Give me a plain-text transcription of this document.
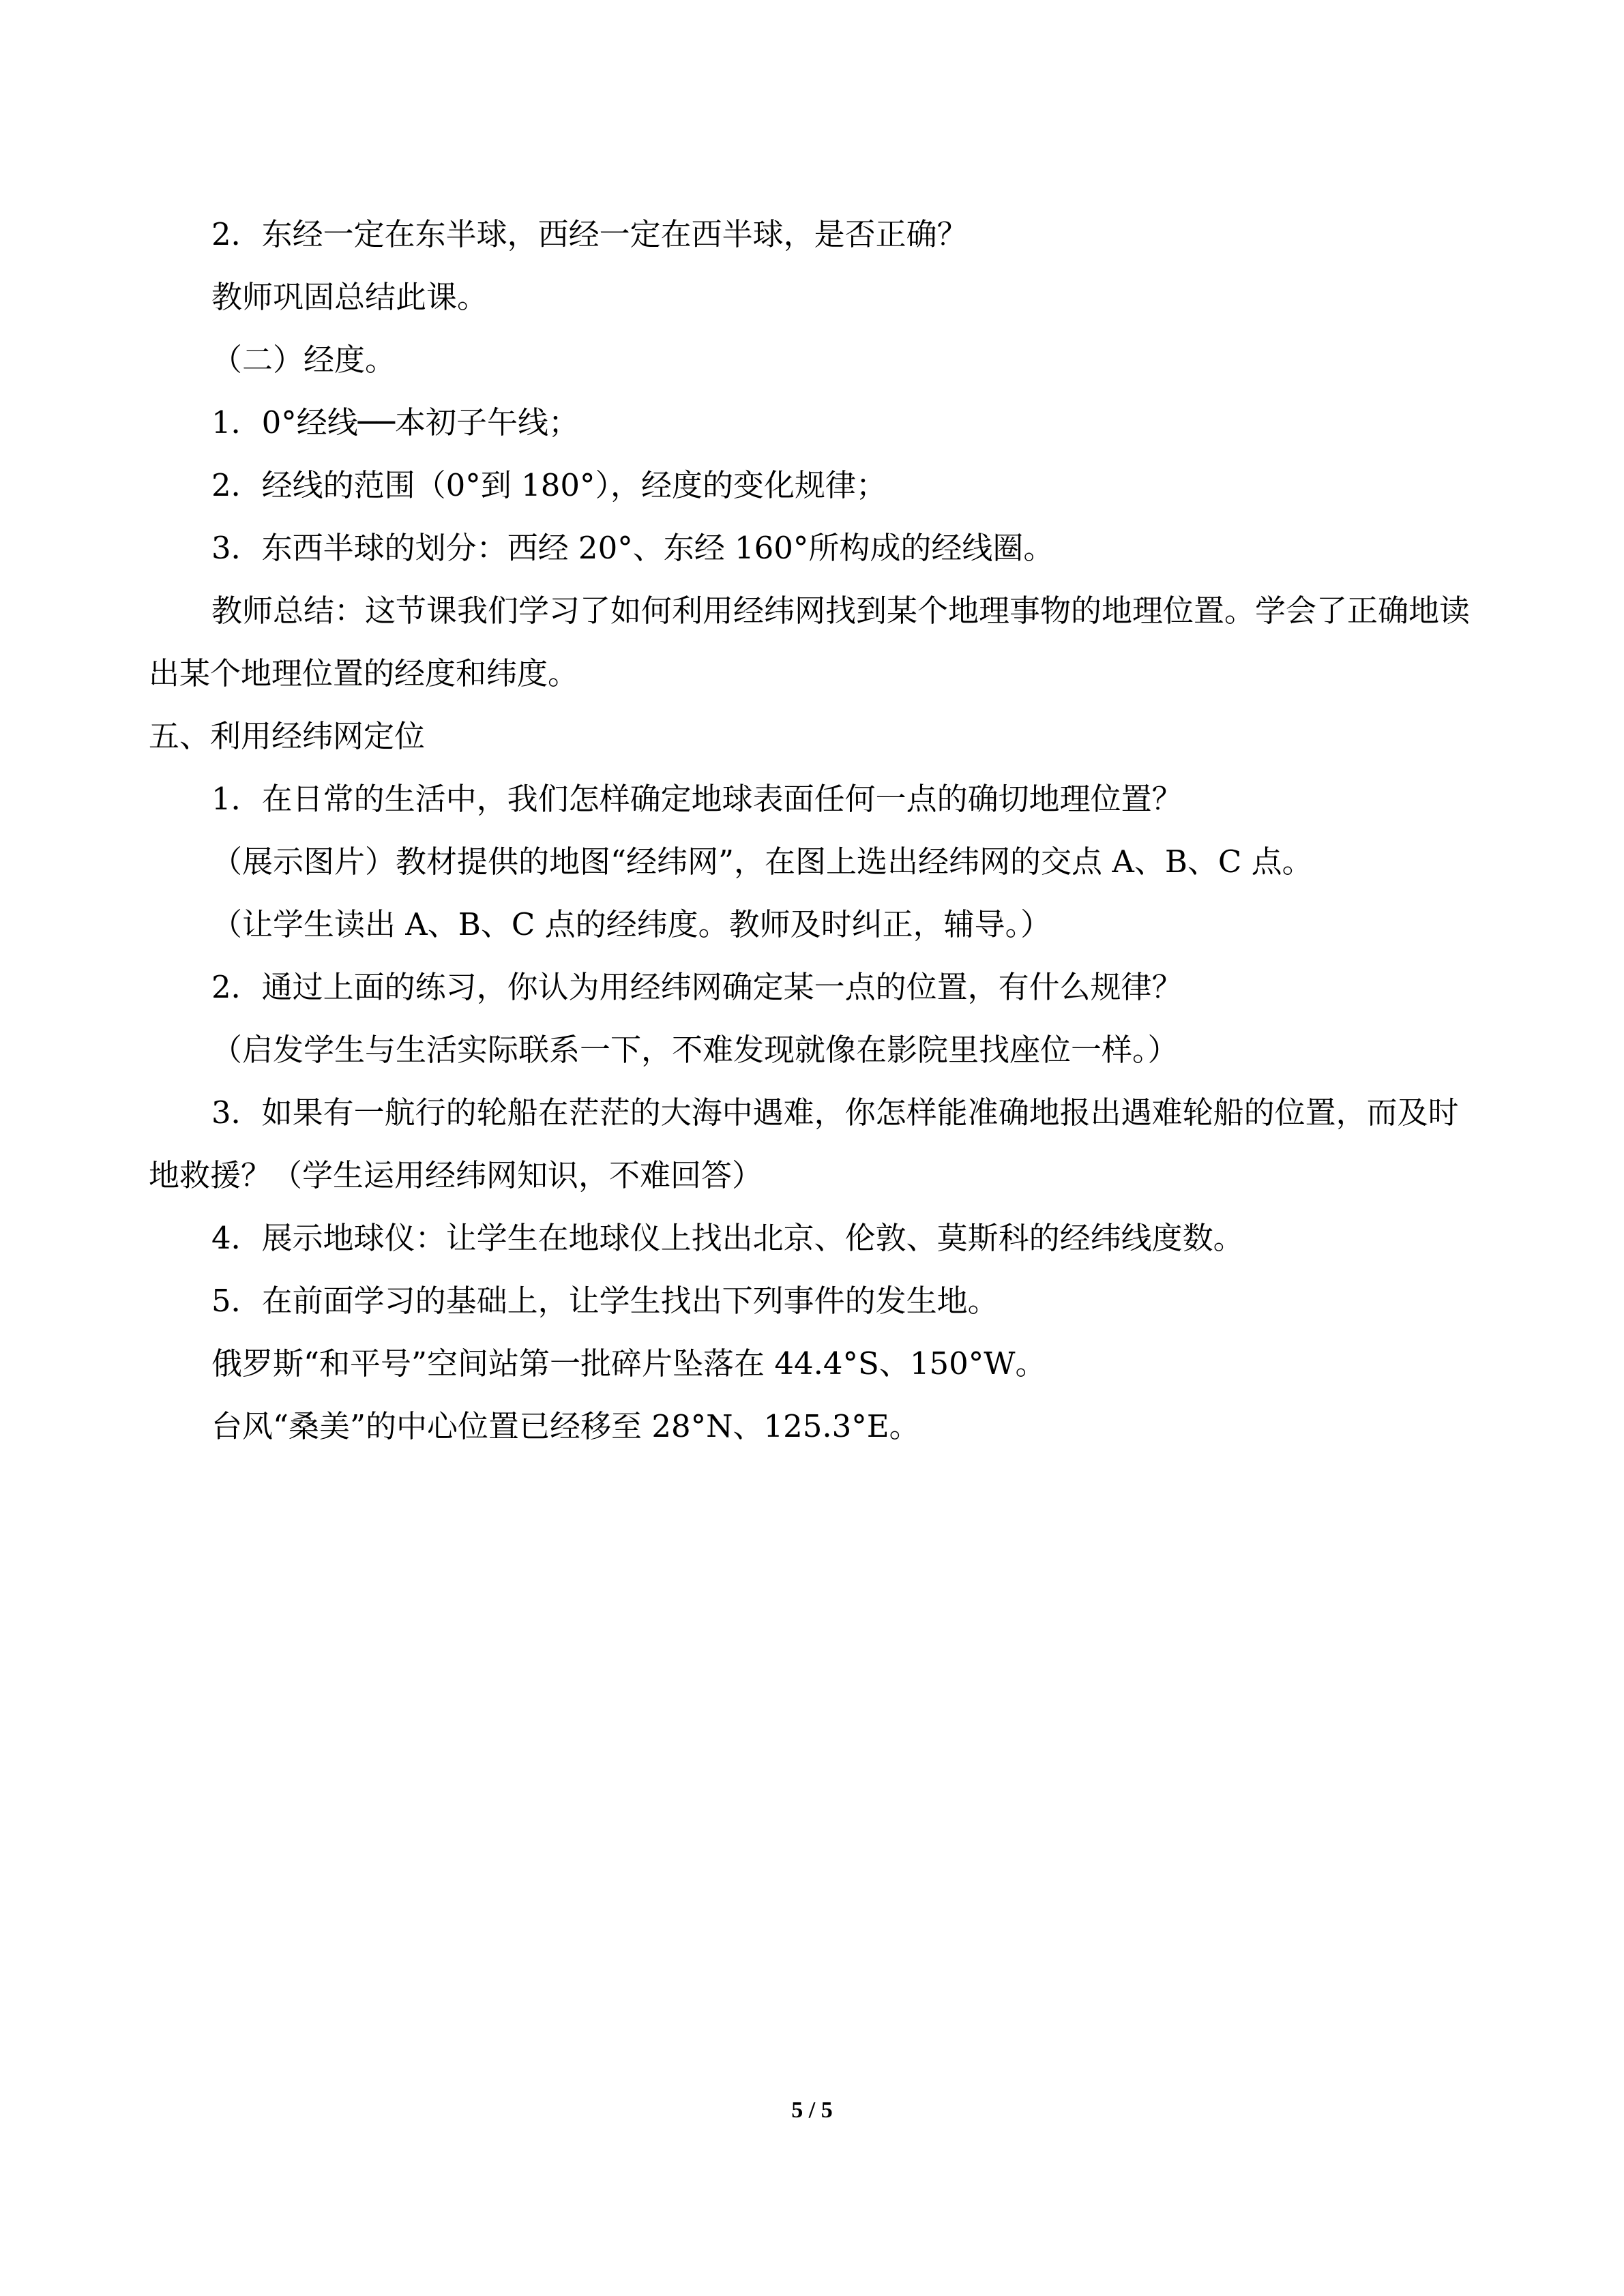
2．东经一定在东半球，西经一定在西半球，是否正确？

教师巩固总结此课。

（二）经度。

1．0°经线──本初子午线；

2．经线的范围（0°到 180°），经度的变化规律；

3．东西半球的划分：西经 20°、东经 160°所构成的经线圈。

教师总结：这节课我们学习了如何利用经纬网找到某个地理事物的地理位置。学会了正确地读出某个地理位置的经度和纬度。

五、利用经纬网定位

1．在日常的生活中，我们怎样确定地球表面任何一点的确切地理位置？

（展示图片）教材提供的地图“经纬网”，在图上选出经纬网的交点 A、B、C 点。

（让学生读出 A、B、C 点的经纬度。教师及时纠正，辅导。）

2．通过上面的练习，你认为用经纬网确定某一点的位置，有什么规律？

（启发学生与生活实际联系一下，不难发现就像在影院里找座位一样。）

3．如果有一航行的轮船在茫茫的大海中遇难，你怎样能准确地报出遇难轮船的位置，而及时地救援？（学生运用经纬网知识，不难回答）

4．展示地球仪：让学生在地球仪上找出北京、伦敦、莫斯科的经纬线度数。

5．在前面学习的基础上，让学生找出下列事件的发生地。

俄罗斯“和平号”空间站第一批碎片坠落在 44.4°S、150°W。

台风“桑美”的中心位置已经移至 28°N、125.3°E。

5 / 5
